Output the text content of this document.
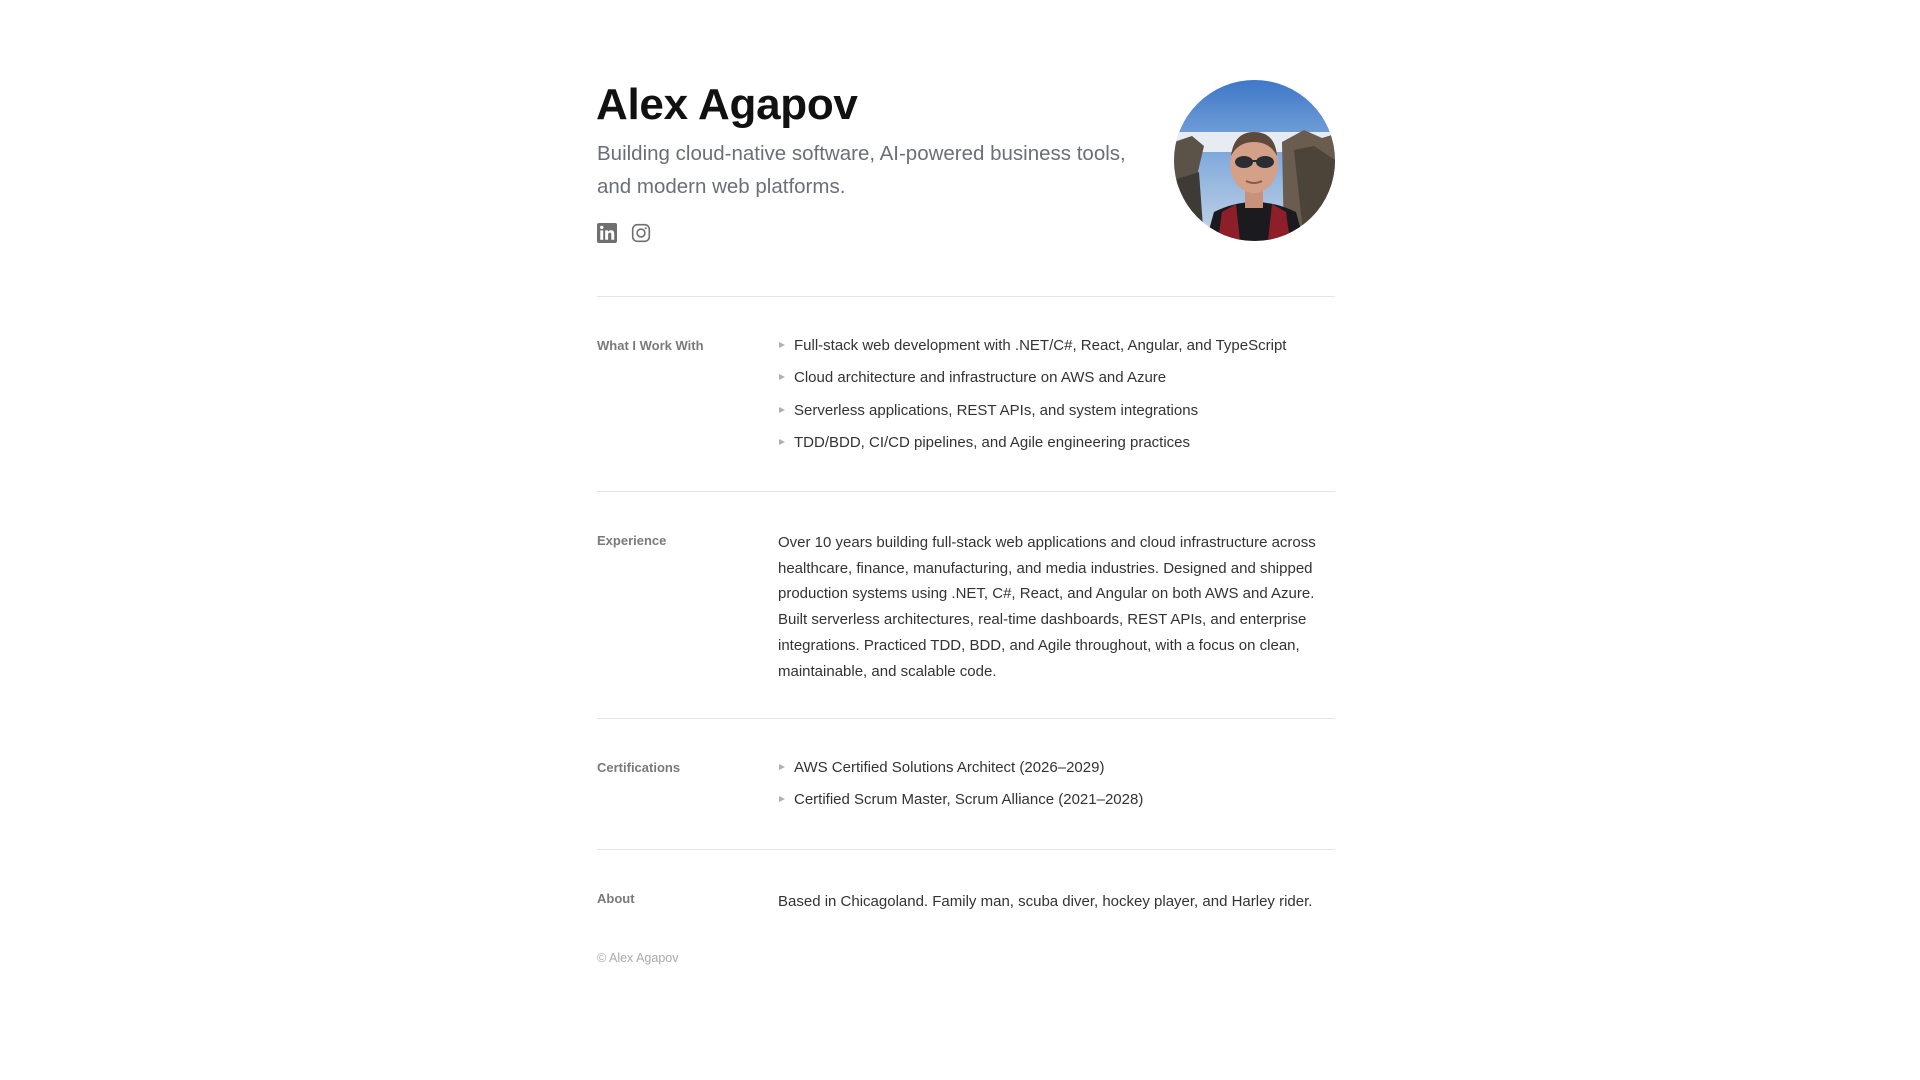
Alex Agapov

Building cloud-native software, AI-powered business tools, and modern web platforms.

What I Work With	Full-stack web development with .NET/C#, React, Angular, and TypeScript
Cloud architecture and infrastructure on AWS and Azure
Serverless applications, REST APIs, and system integrations
TDD/BDD, CI/CD pipelines, and Agile engineering practices
Experience	Over 10 years building full-stack web applications and cloud infrastructure across healthcare, finance, manufacturing, and media industries. Designed and shipped production systems using .NET, C#, React, and Angular on both AWS and Azure. Built serverless architectures, real-time dashboards, REST APIs, and enterprise integrations. Practiced TDD, BDD, and Agile throughout, with a focus on clean, maintainable, and scalable code.

Certifications	AWS Certified Solutions Architect (2026–2029)
Certified Scrum Master, Scrum Alliance (2021–2028)
About	Based in Chicagoland. Family man, scuba diver, hockey player, and Harley rider.

© Alex Agapov
